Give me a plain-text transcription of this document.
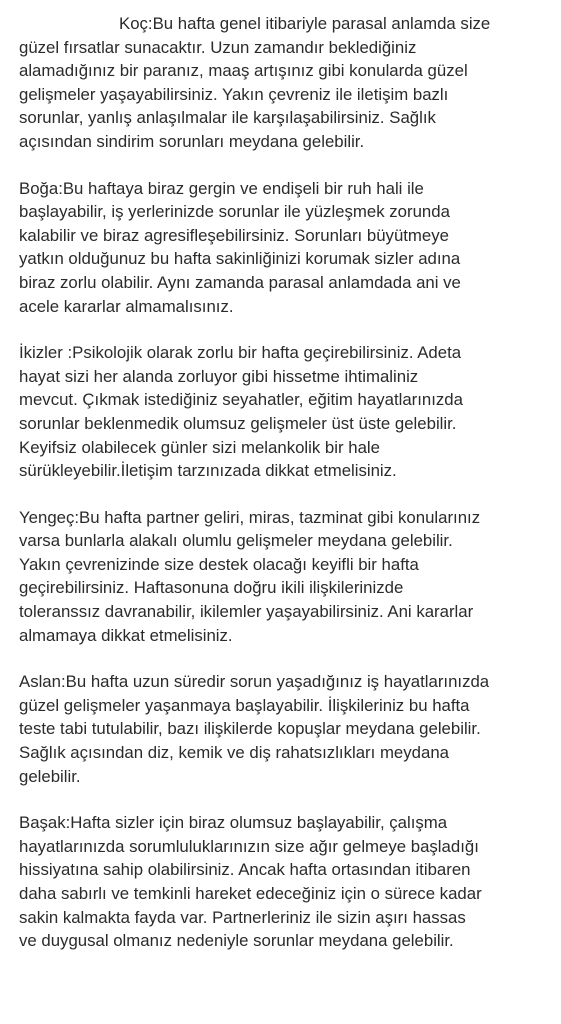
Koç:Bu hafta genel itibariyle parasal anlamda size
güzel fırsatlar sunacaktır. Uzun zamandır beklediğiniz
alamadığınız bir paranız, maaş artışınız gibi konularda güzel
gelişmeler yaşayabilirsiniz. Yakın çevreniz ile iletişim bazlı
sorunlar, yanlış anlaşılmalar ile karşılaşabilirsiniz. Sağlık
açısından sindirim sorunları meydana gelebilir.
Boğa:Bu haftaya biraz gergin ve endişeli bir ruh hali ile
başlayabilir, iş yerlerinizde sorunlar ile yüzleşmek zorunda
kalabilir ve biraz agresifleşebilirsiniz. Sorunları büyütmeye
yatkın olduğunuz bu hafta sakinliğinizi korumak sizler adına
biraz zorlu olabilir. Aynı zamanda parasal anlamdada ani ve
acele kararlar almamalısınız.
İkizler :Psikolojik olarak zorlu bir hafta geçirebilirsiniz. Adeta
hayat sizi her alanda zorluyor gibi hissetme ihtimaliniz
mevcut. Çıkmak istediğiniz seyahatler, eğitim hayatlarınızda
sorunlar beklenmedik olumsuz gelişmeler üst üste gelebilir.
Keyifsiz olabilecek günler sizi melankolik bir hale
sürükleyebilir.İletişim tarzınızada dikkat etmelisiniz.
Yengeç:Bu hafta partner geliri, miras, tazminat gibi konularınız
varsa bunlarla alakalı olumlu gelişmeler meydana gelebilir.
Yakın çevrenizinde size destek olacağı keyifli bir hafta
geçirebilirsiniz. Haftasonuna doğru ikili ilişkilerinizde
toleranssız davranabilir, ikilemler yaşayabilirsiniz. Ani kararlar
almamaya dikkat etmelisiniz.
Aslan:Bu hafta uzun süredir sorun yaşadığınız iş hayatlarınızda
güzel gelişmeler yaşanmaya başlayabilir. İlişkileriniz bu hafta
teste tabi tutulabilir, bazı ilişkilerde kopuşlar meydana gelebilir.
Sağlık açısından diz, kemik ve diş rahatsızlıkları meydana
gelebilir.
Başak:Hafta sizler için biraz olumsuz başlayabilir, çalışma
hayatlarınızda sorumluluklarınızın size ağır gelmeye başladığı
hissiyatına sahip olabilirsiniz. Ancak hafta ortasından itibaren
daha sabırlı ve temkinli hareket edeceğiniz için o sürece kadar
sakin kalmakta fayda var. Partnerleriniz ile sizin aşırı hassas
ve duygusal olmanız nedeniyle sorunlar meydana gelebilir.
